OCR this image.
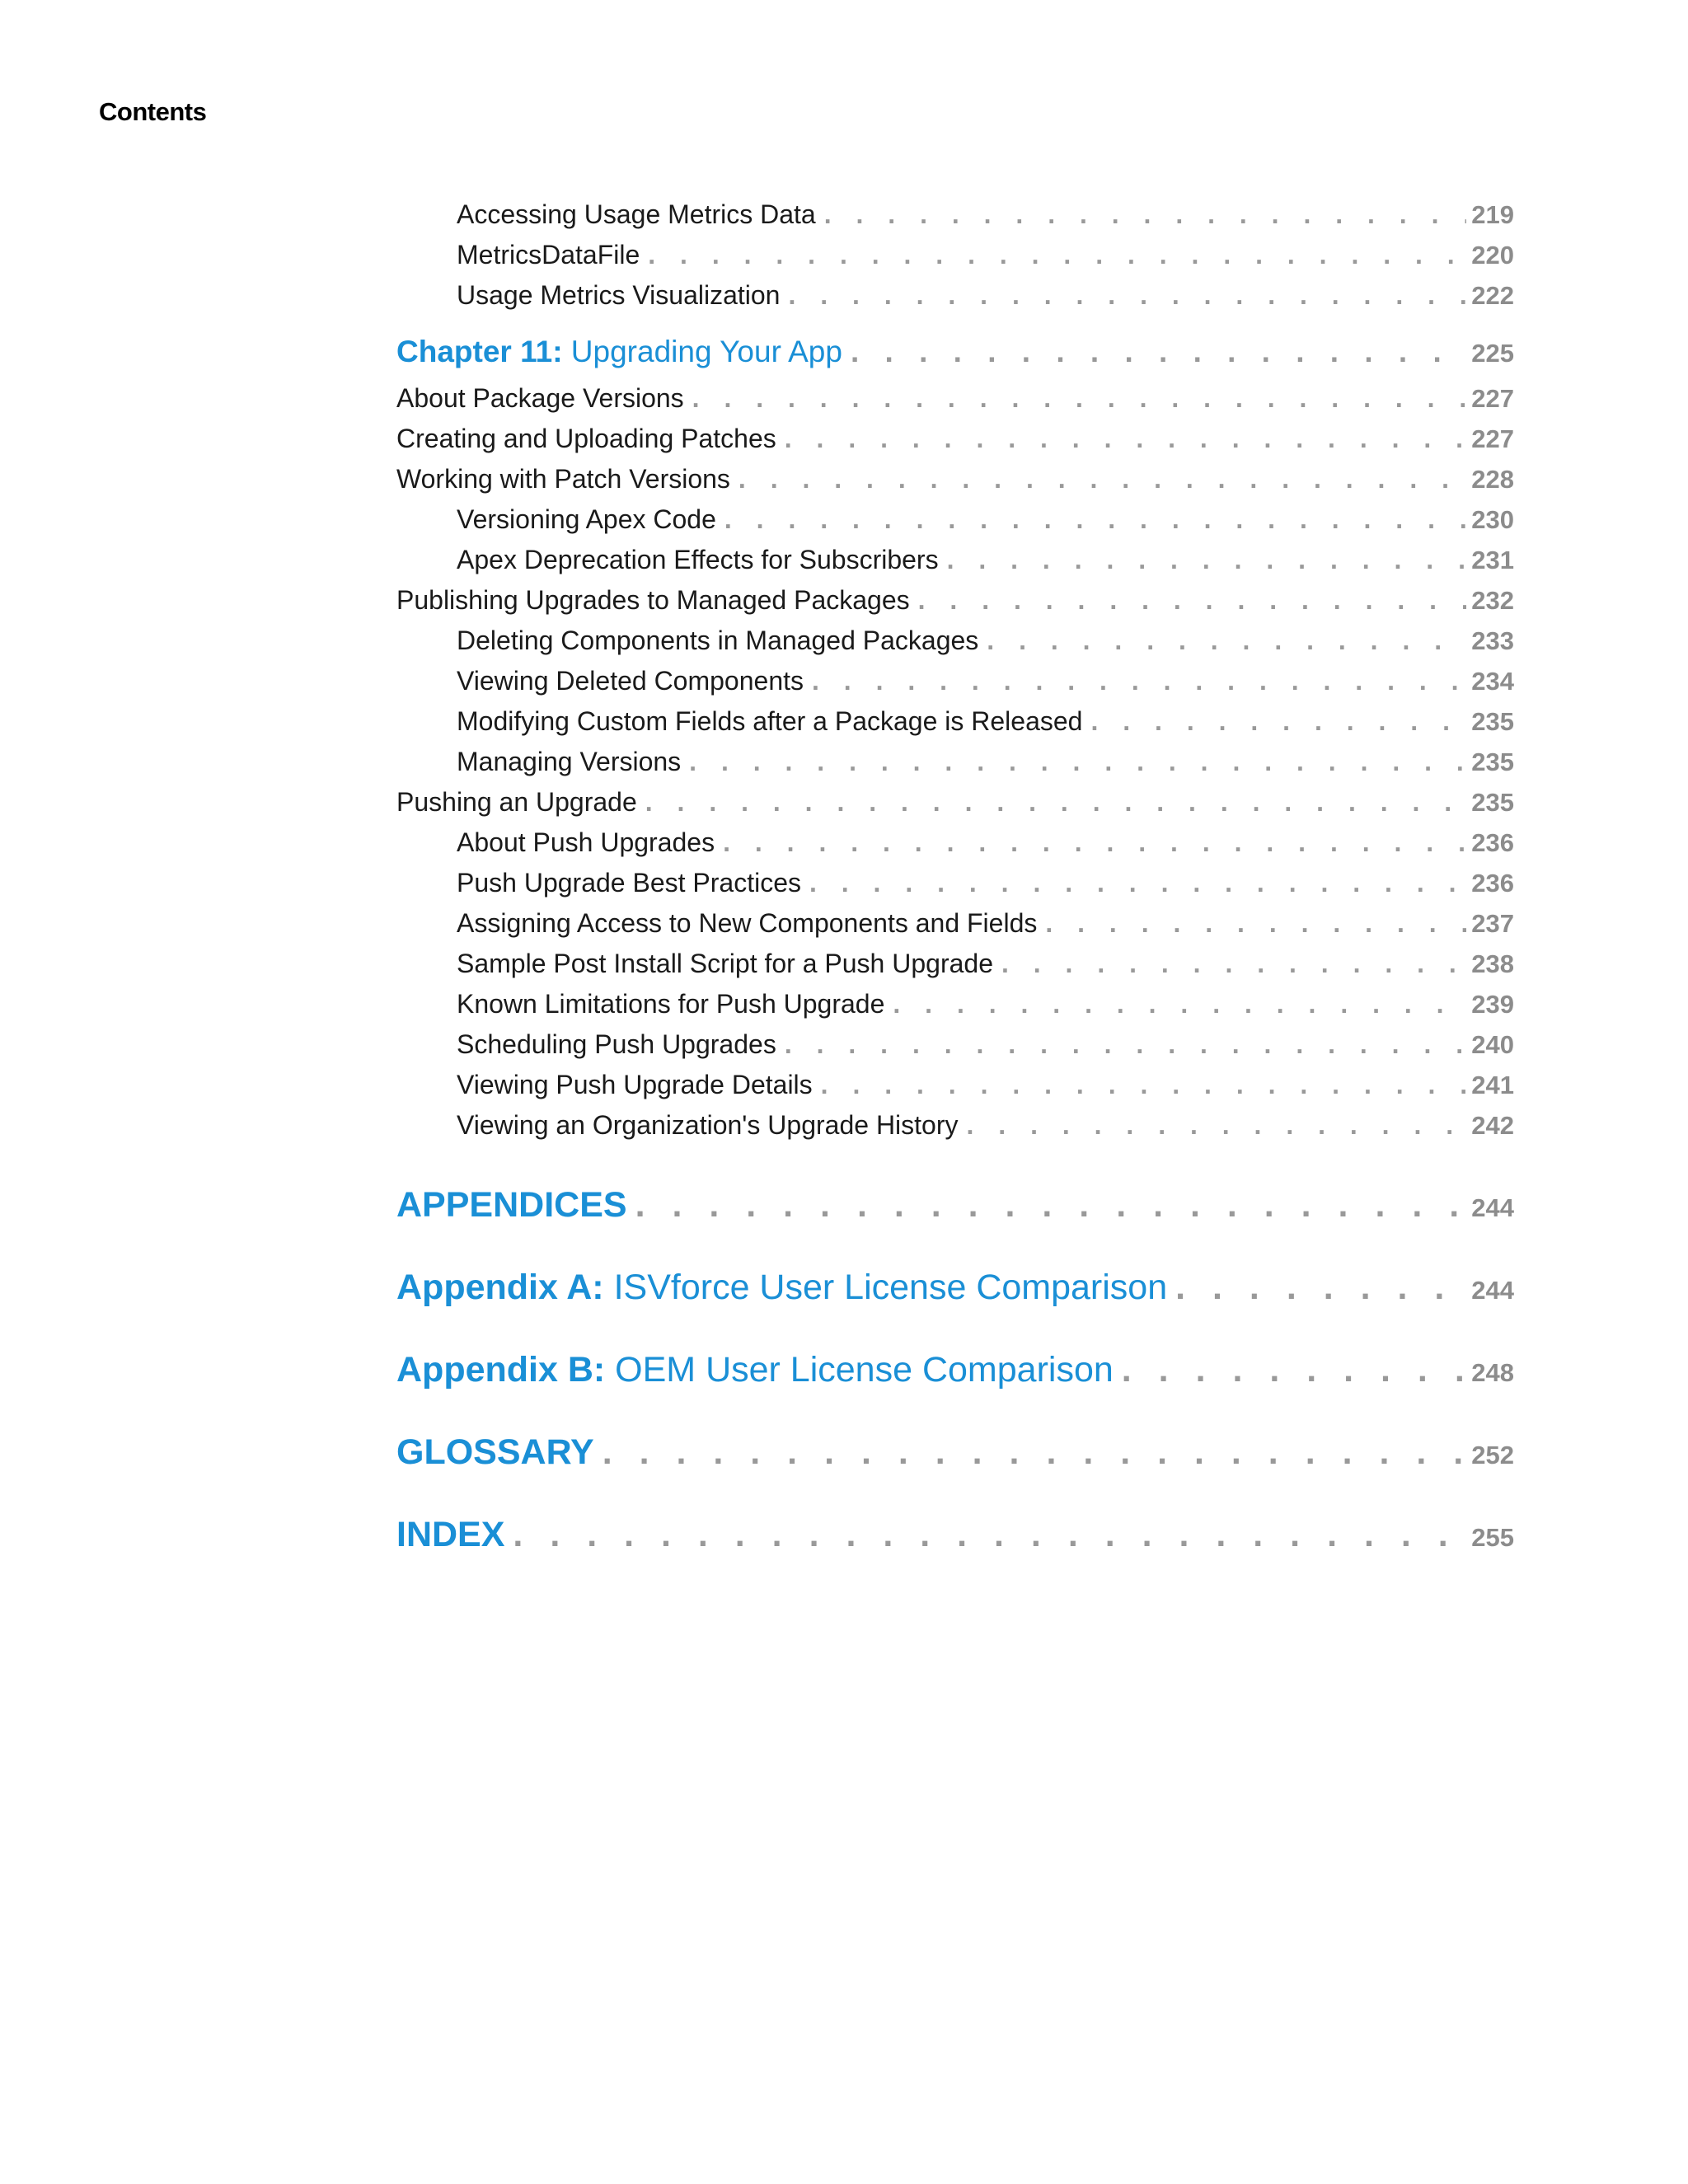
Contents
Accessing Usage Metrics Data . . .	219
MetricsDataFile . . .	220
Usage Metrics Visualization . . .	222
Chapter 11: Upgrading Your App . . .	225
About Package Versions . . .	227
Creating and Uploading Patches . . .	227
Working with Patch Versions . . .	228
Versioning Apex Code . . .	230
Apex Deprecation Effects for Subscribers . . .	231
Publishing Upgrades to Managed Packages . . .	232
Deleting Components in Managed Packages . . .	233
Viewing Deleted Components . . .	234
Modifying Custom Fields after a Package is Released . . .	235
Managing Versions . . .	235
Pushing an Upgrade . . .	235
About Push Upgrades . . .	236
Push Upgrade Best Practices . . .	236
Assigning Access to New Components and Fields . . .	237
Sample Post Install Script for a Push Upgrade . . .	238
Known Limitations for Push Upgrade . . .	239
Scheduling Push Upgrades . . .	240
Viewing Push Upgrade Details . . .	241
Viewing an Organization's Upgrade History . . .	242
APPENDICES . . .	244
Appendix A: ISVforce User License Comparison . . .	244
Appendix B: OEM User License Comparison . . .	248
GLOSSARY . . .	252
INDEX . . .	255
